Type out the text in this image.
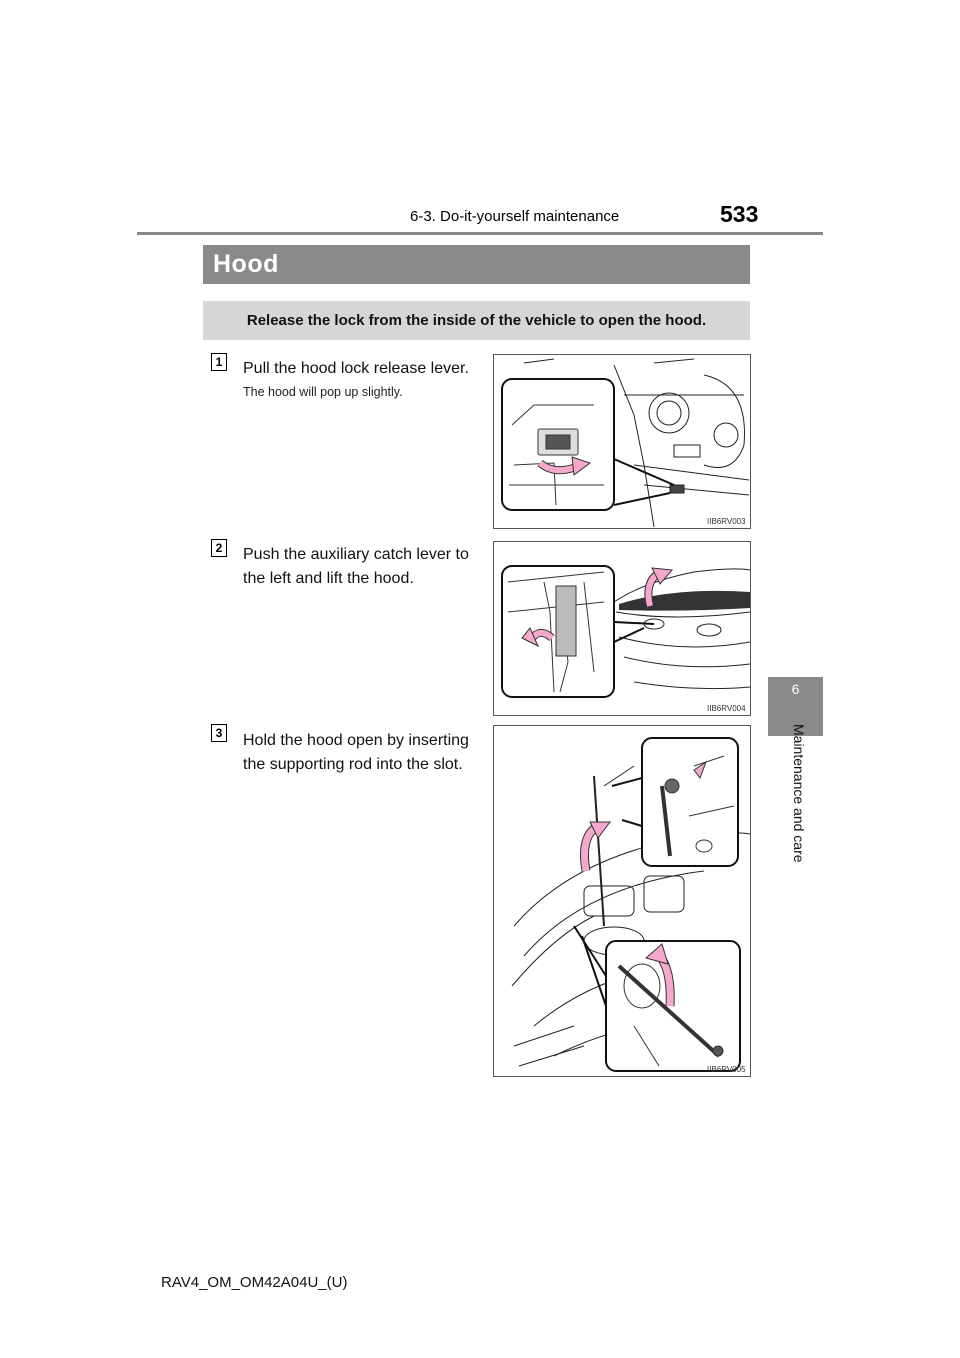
6-3. Do-it-yourself maintenance	533
6
Maintenance and care
Hood
Release the lock from the inside of the vehicle to open the hood.
1 Pull the hood lock release lever.
The hood will pop up slightly.
IIB6RV003
2 Push the auxiliary catch lever to the left and lift the hood.
IIB6RV004
3 Hold the hood open by inserting the supporting rod into the slot.
IIB6RV005
RAV4_OM_OM42A04U_(U)
